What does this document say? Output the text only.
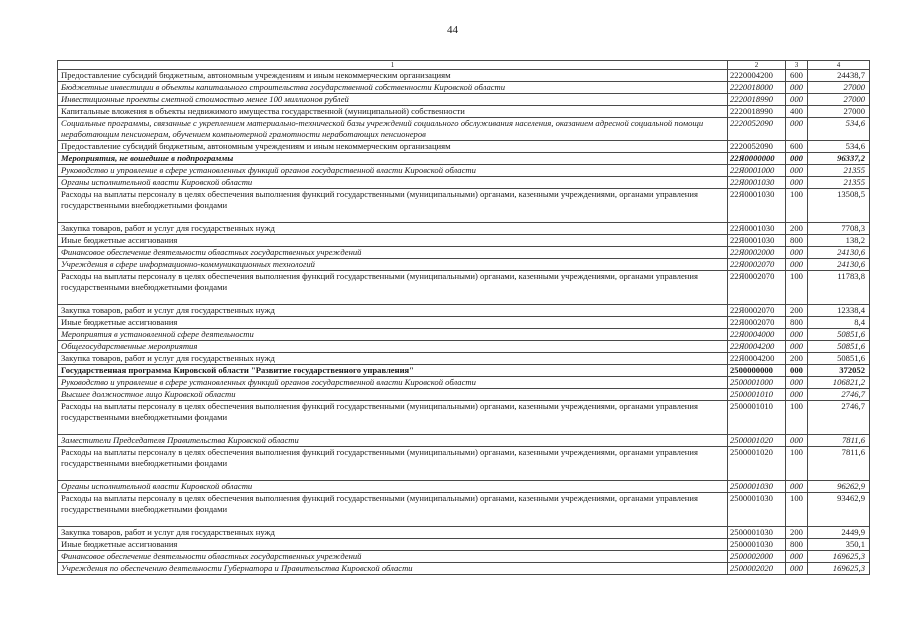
44
1	2	3	4
Предоставление субсидий бюджетным, автономным учреждениям и иным некоммерческим организациям	2220004200	600	24438,7
Бюджетные инвестиции в объекты капитального строительства государственной собственности Кировской области	2220018000	000	27000
Инвестиционные проекты сметной стоимостью менее 100 миллионов рублей	2220018990	000	27000
Капитальные вложения в объекты недвижимого имущества государственной (муниципальной) собственности	2220018990	400	27000
Социальные программы, связанные с укреплением материально-технической базы учреждений социального обслуживания населения, оказанием адресной социальной помощи неработающим пенсионерам, обучением компьютерной грамотности неработающих пенсионеров	2220052090	000	534,6
Предоставление субсидий бюджетным, автономным учреждениям и иным некоммерческим организациям	2220052090	600	534,6
Мероприятия, не вошедшие в подпрограммы	22Я0000000	000	96337,2
Руководство и управление в сфере установленных функций органов государственной власти Кировской области	22Я0001000	000	21355
Органы исполнительной власти Кировской области	22Я0001030	000	21355
Расходы на выплаты персоналу в целях обеспечения выполнения функций государственными (муниципальными) органами, казенными учреждениями, органами управления государственными внебюджетными фондами	22Я0001030	100	13508,5
Закупка товаров, работ и услуг для государственных нужд	22Я0001030	200	7708,3
Иные бюджетные ассигнования	22Я0001030	800	138,2
Финансовое обеспечение деятельности областных государственных учреждений	22Я0002000	000	24130,6
Учреждения в сфере информационно-коммуникационных технологий	22Я0002070	000	24130,6
Расходы на выплаты персоналу в целях обеспечения выполнения функций государственными (муниципальными) органами, казенными учреждениями, органами управления государственными внебюджетными фондами	22Я0002070	100	11783,8
Закупка товаров, работ и услуг для государственных нужд	22Я0002070	200	12338,4
Иные бюджетные ассигнования	22Я0002070	800	8,4
Мероприятия в установленной сфере деятельности	22Я0004000	000	50851,6
Общегосударственные мероприятия	22Я0004200	000	50851,6
Закупка товаров, работ и услуг для государственных нужд	22Я0004200	200	50851,6
Государственная программа Кировской области "Развитие государственного управления"	2500000000	000	372052
Руководство и управление в сфере установленных функций органов государственной власти Кировской области	2500001000	000	106821,2
Высшее должностное лицо Кировской области	2500001010	000	2746,7
Расходы на выплаты персоналу в целях обеспечения выполнения функций государственными (муниципальными) органами, казенными учреждениями, органами управления государственными внебюджетными фондами	2500001010	100	2746,7
Заместители Председателя Правительства Кировской области	2500001020	000	7811,6
Расходы на выплаты персоналу в целях обеспечения выполнения функций государственными (муниципальными) органами, казенными учреждениями, органами управления государственными внебюджетными фондами	2500001020	100	7811,6
Органы исполнительной власти Кировской области	2500001030	000	96262,9
Расходы на выплаты персоналу в целях обеспечения выполнения функций государственными (муниципальными) органами, казенными учреждениями, органами управления государственными внебюджетными фондами	2500001030	100	93462,9
Закупка товаров, работ и услуг для государственных нужд	2500001030	200	2449,9
Иные бюджетные ассигнования	2500001030	800	350,1
Финансовое обеспечение деятельности областных государственных учреждений	2500002000	000	169625,3
Учреждения по обеспечению деятельности Губернатора и Правительства Кировской области	2500002020	000	169625,3
